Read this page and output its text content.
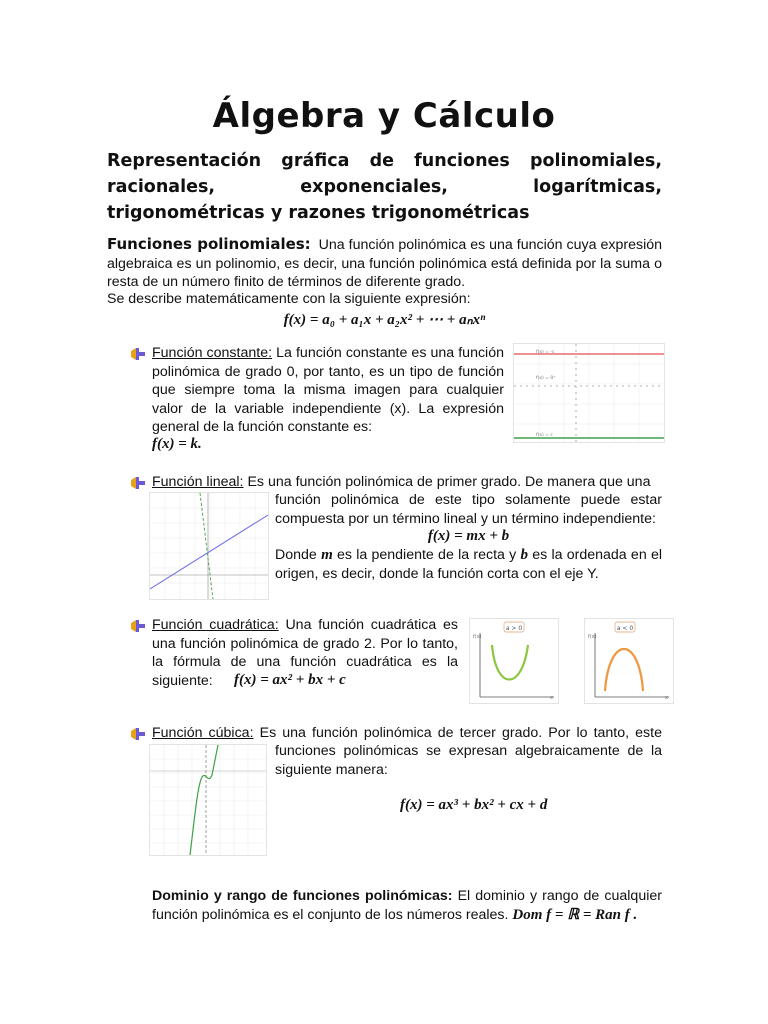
Álgebra y Cálculo
Representación gráfica de funciones polinomiales, racionales, exponenciales, logarítmicas, trigonométricas y razones trigonométricas
Funciones polinomiales: Una función polinómica es una función cuya expresión algebraica es un polinomio, es decir, una función polinómica está definida por la suma o resta de un número finito de términos de diferente grado.
Se describe matemáticamente con la siguiente expresión:
f(x) = a₀ + a₁x + a₂x² + ⋯ + aₙxⁿ
Función constante: La función constante es una función polinómica de grado 0, por tanto, es un tipo de función que siempre toma la misma imagen para cualquier valor de la variable independiente (x). La expresión general de la función constante es:
f(x) = k.
f(x) = -c
f(x) = 0ˣ
f(x) = c
Función lineal: Es una función polinómica de primer grado. De manera que una
función polinómica de este tipo solamente puede estar compuesta por un término lineal y un término independiente:
f(x) = mx + b
Donde m es la pendiente de la recta y b es la ordenada en el origen, es decir, donde la función corta con el eje Y.
Función cuadrática: Una función cuadrática es una función polinómica de grado 2. Por lo tanto, la fórmula de una función cuadrática es la siguiente:	f(x) = ax² + bx + c
a > 0
f(x)
x
a < 0
f(x)
x
Función cúbica: Es una función polinómica de tercer grado. Por lo tanto, este tipo de	funciones polinómicas se expresan algebraicamente de la siguiente manera:
f(x) = ax³ + bx² + cx + d
Dominio y rango de funciones polinómicas: El dominio y rango de cualquier función polinómica es el conjunto de los números reales. Dom f = ℝ = Ran f .
